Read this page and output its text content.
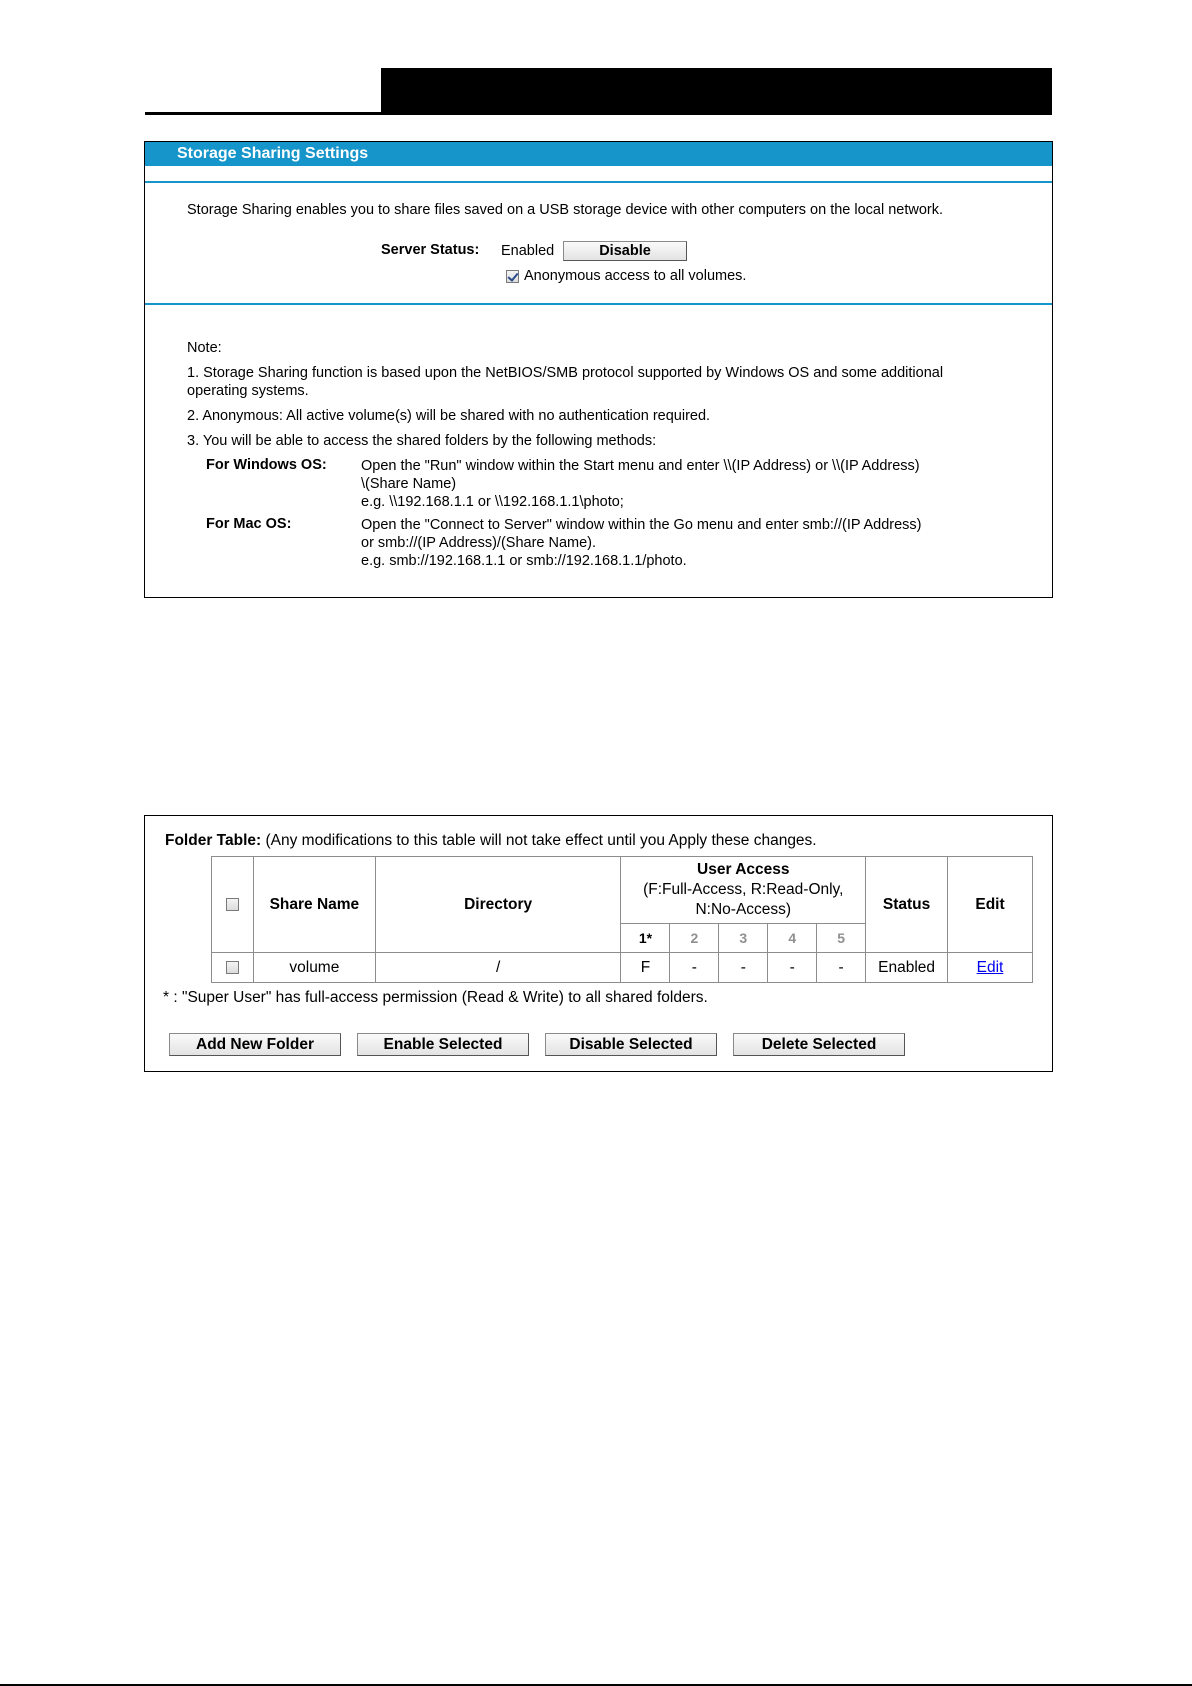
Storage Sharing Settings
Storage Sharing enables you to share files saved on a USB storage device with other computers on the local network.
Server Status: Enabled	Disable
Anonymous access to all volumes.
Note:
1. Storage Sharing function is based upon the NetBIOS/SMB protocol supported by Windows OS and some additional
operating systems.
2. Anonymous: All active volume(s) will be shared with no authentication required.
3. You will be able to access the shared folders by the following methods:
For Windows OS: Open the "Run" window within the Start menu and enter \\(IP Address) or \\(IP Address)
\(Share Name)
e.g. \\192.168.1.1 or \\192.168.1.1\photo;
For Mac OS:	Open the "Connect to Server" window within the Go menu and enter smb://(IP Address)
or smb://(IP Address)/(Share Name).
e.g. smb://192.168.1.1 or smb://192.168.1.1/photo.
Folder Table: (Any modifications to this table will not take effect until you Apply these changes.
	Share Name	Directory	User Access
(F:Full-Access, R:Read-Only,
N:No-Access)					Status	Edit
			1*	2	3	4	5		
	volume	/	F	-	-	-	-	Enabled	Edit
* : "Super User" has full-access permission (Read & Write) to all shared folders.
Add New Folder	Enable Selected	Disable Selected	Delete Selected
